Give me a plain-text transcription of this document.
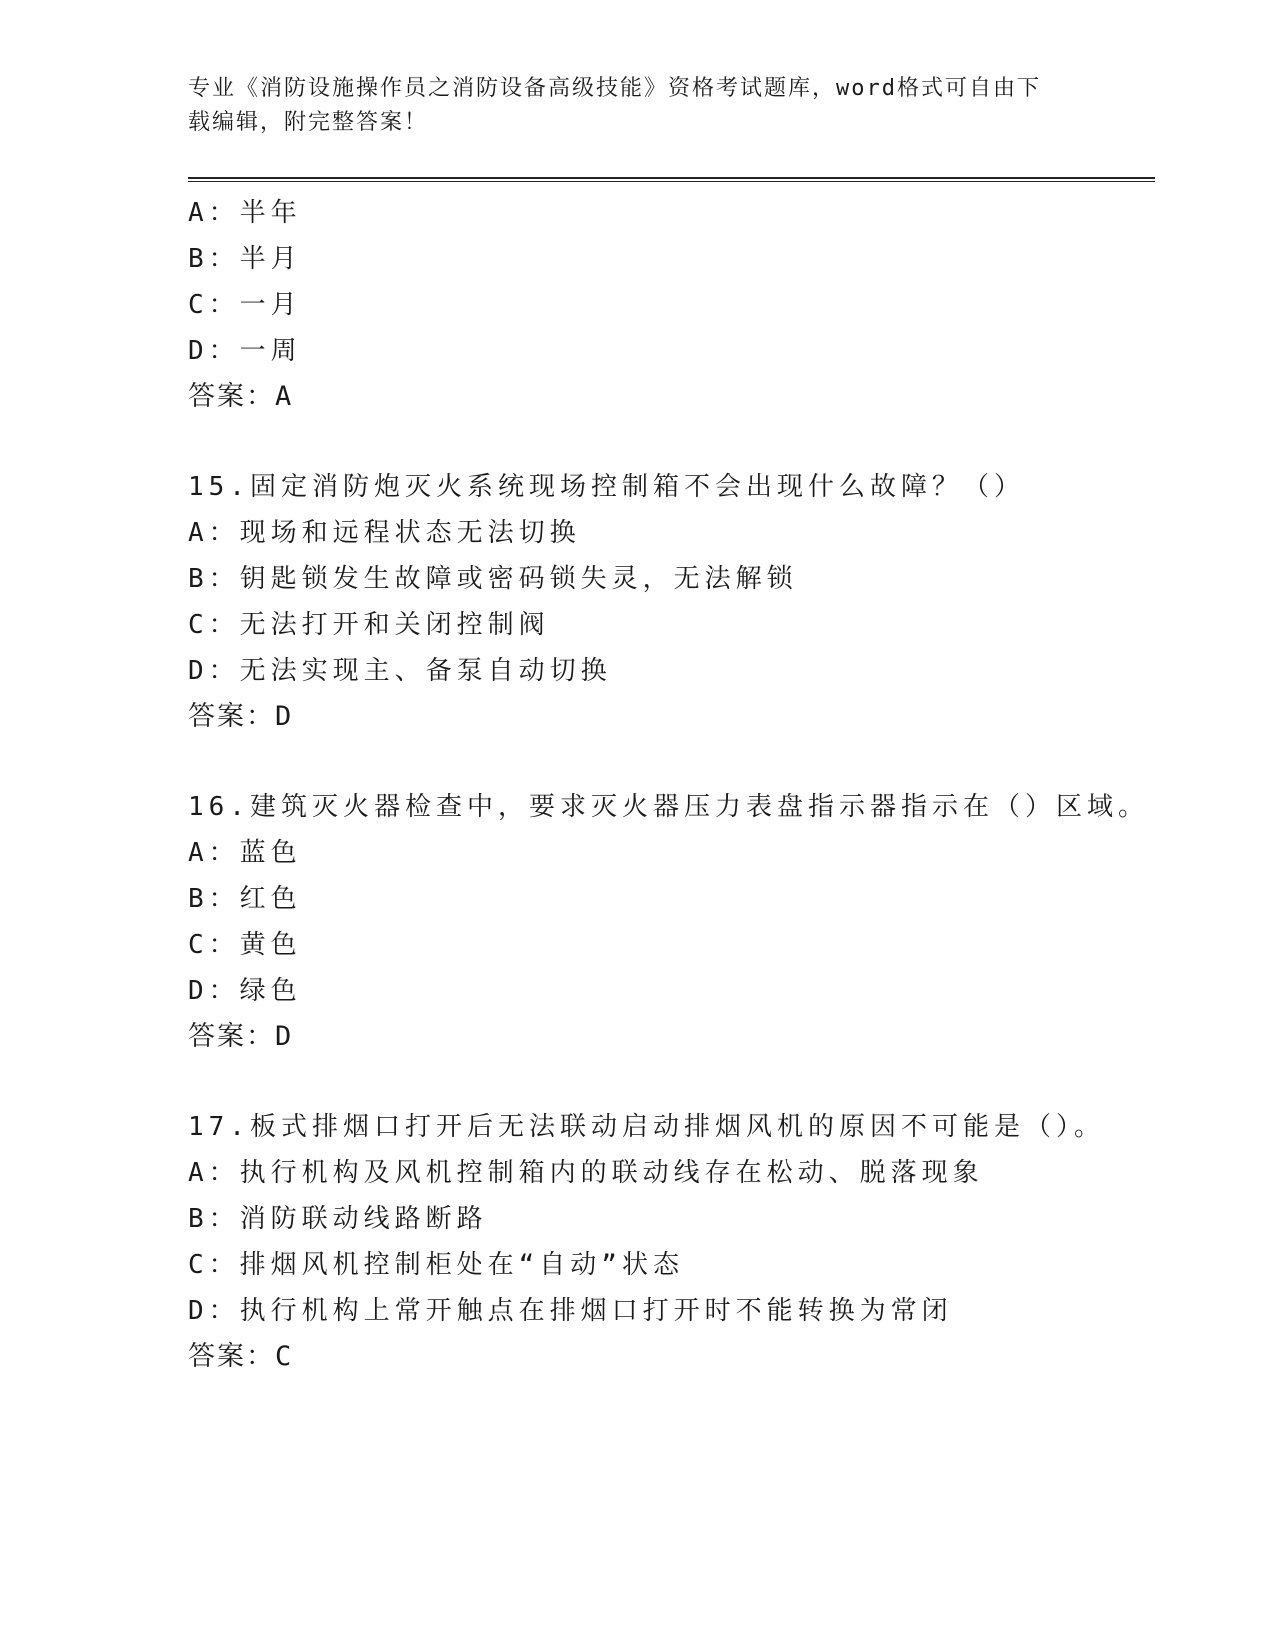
专业《消防设施操作员之消防设备高级技能》资格考试题库，word格式可自由下
载编辑，附完整答案！
A：半年
B：半月
C：一月
D：一周
答案：A
15.固定消防炮灭火系统现场控制箱不会出现什么故障？（）
A：现场和远程状态无法切换
B：钥匙锁发生故障或密码锁失灵，无法解锁
C：无法打开和关闭控制阀
D：无法实现主、备泵自动切换
答案：D
16.建筑灭火器检查中，要求灭火器压力表盘指示器指示在（）区域。
A：蓝色
B：红色
C：黄色
D：绿色
答案：D
17.板式排烟口打开后无法联动启动排烟风机的原因不可能是（）。
A：执行机构及风机控制箱内的联动线存在松动、脱落现象
B：消防联动线路断路
C：排烟风机控制柜处在“自动”状态
D：执行机构上常开触点在排烟口打开时不能转换为常闭
答案：C
